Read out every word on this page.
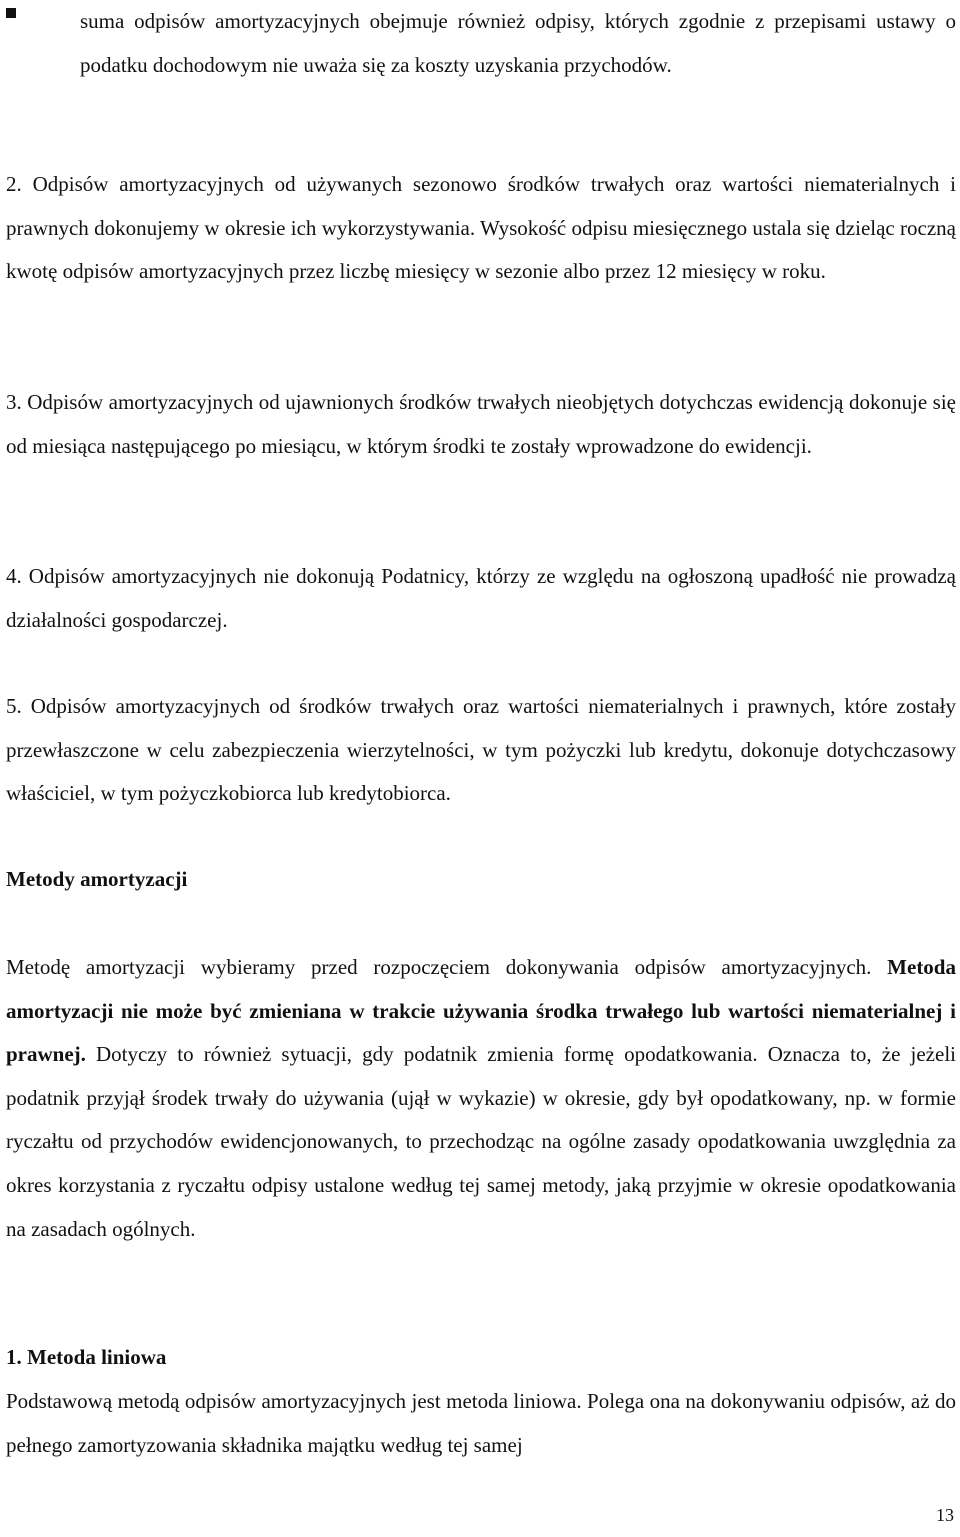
suma odpisów amortyzacyjnych obejmuje również odpisy, których zgodnie z przepisami ustawy o podatku dochodowym nie uważa się za koszty uzyskania przychodów.

2. Odpisów amortyzacyjnych od używanych sezonowo środków trwałych oraz wartości niematerialnych i prawnych dokonujemy w okresie ich wykorzystywania. Wysokość odpisu miesięcznego ustala się dzieląc roczną kwotę odpisów amortyzacyjnych przez liczbę miesięcy w sezonie albo przez 12 miesięcy w roku.

3. Odpisów amortyzacyjnych od ujawnionych środków trwałych nieobjętych dotychczas ewidencją dokonuje się od miesiąca następującego po miesiącu, w którym środki te zostały wprowadzone do ewidencji.

4. Odpisów amortyzacyjnych nie dokonują Podatnicy, którzy ze względu na ogłoszoną upadłość nie prowadzą działalności gospodarczej.

5. Odpisów amortyzacyjnych od środków trwałych oraz wartości niematerialnych i prawnych, które zostały przewłaszczone w celu zabezpieczenia wierzytelności, w tym pożyczki lub kredytu, dokonuje dotychczasowy właściciel, w tym pożyczkobiorca lub kredytobiorca.

Metody amortyzacji

Metodę amortyzacji wybieramy przed rozpoczęciem dokonywania odpisów amortyzacyjnych. Metoda amortyzacji nie może być zmieniana w trakcie używania środka trwałego lub wartości niematerialnej i prawnej. Dotyczy to również sytuacji, gdy podatnik zmienia formę opodatkowania. Oznacza to, że jeżeli podatnik przyjął środek trwały do używania (ujął w wykazie) w okresie, gdy był opodatkowany, np. w formie ryczałtu od przychodów ewidencjonowanych, to przechodząc na ogólne zasady opodatkowania uwzględnia za okres korzystania z ryczałtu odpisy ustalone według tej samej metody, jaką przyjmie w okresie opodatkowania na zasadach ogólnych.

1. Metoda liniowa

Podstawową metodą odpisów amortyzacyjnych jest metoda liniowa. Polega ona na dokonywaniu odpisów, aż do pełnego zamortyzowania składnika majątku według tej samej

13
